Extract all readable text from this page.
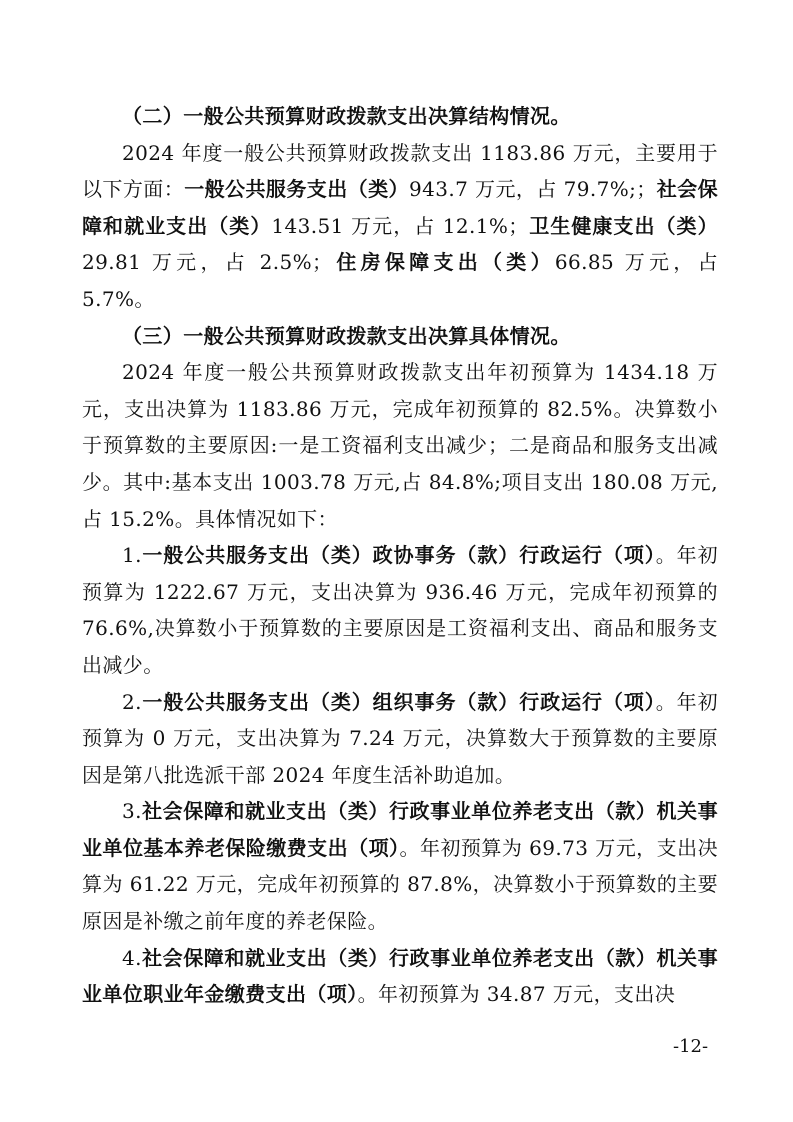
（二）一般公共预算财政拨款支出决算结构情况。

2024 年度一般公共预算财政拨款支出 1183.86 万元，主要用于以下方面：一般公共服务支出（类）943.7 万元，占 79.7%;；社会保障和就业支出（类）143.51 万元，占 12.1%；卫生健康支出（类）29.81 万元，占 2.5%；住房保障支出（类）66.85 万元，占 5.7%。

（三）一般公共预算财政拨款支出决算具体情况。

2024 年度一般公共预算财政拨款支出年初预算为 1434.18 万元，支出决算为 1183.86 万元，完成年初预算的 82.5%。决算数小于预算数的主要原因:一是工资福利支出减少；二是商品和服务支出减少。其中:基本支出 1003.78 万元,占 84.8%;项目支出 180.08 万元,占 15.2%。具体情况如下：

1.一般公共服务支出（类）政协事务（款）行政运行（项）。年初预算为 1222.67 万元，支出决算为 936.46 万元，完成年初预算的 76.6%,决算数小于预算数的主要原因是工资福利支出、商品和服务支出减少。

2.一般公共服务支出（类）组织事务（款）行政运行（项）。年初预算为 0 万元，支出决算为 7.24 万元，决算数大于预算数的主要原因是第八批选派干部 2024 年度生活补助追加。

3.社会保障和就业支出（类）行政事业单位养老支出（款）机关事业单位基本养老保险缴费支出（项）。年初预算为 69.73 万元，支出决算为 61.22 万元，完成年初预算的 87.8%，决算数小于预算数的主要原因是补缴之前年度的养老保险。

4.社会保障和就业支出（类）行政事业单位养老支出（款）机关事业单位职业年金缴费支出（项）。年初预算为 34.87 万元，支出决

-12-
